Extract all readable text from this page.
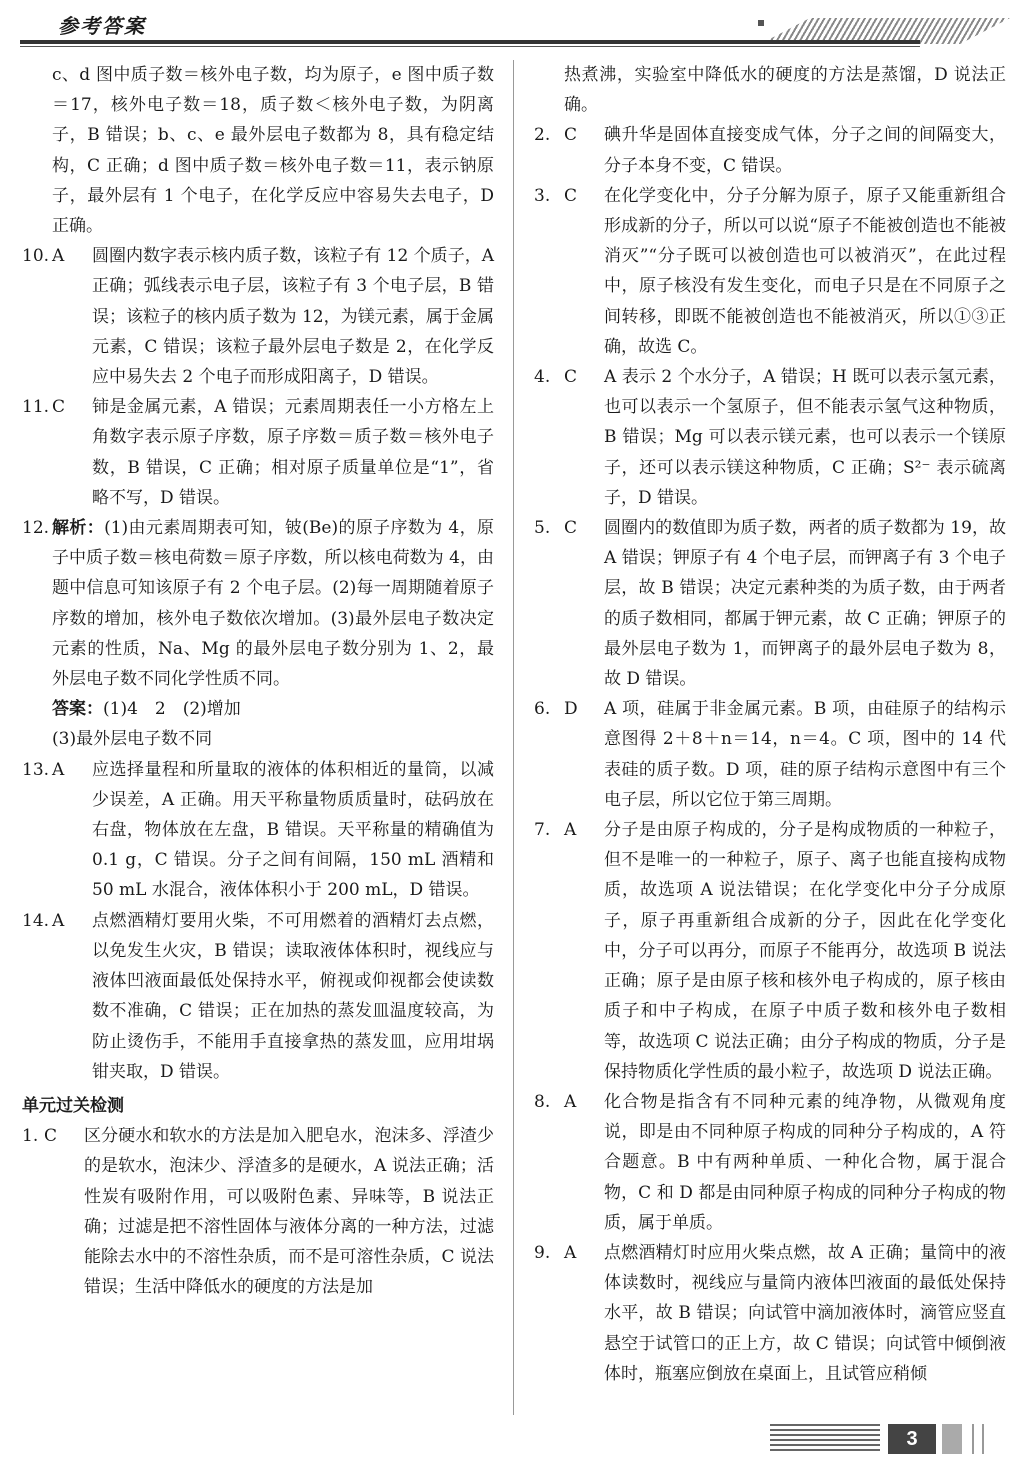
参考答案
c、d 图中质子数＝核外电子数，均为原子，e 图中质子数＝17，核外电子数＝18，质子数＜核外电子数，为阴离子，B 错误；b、c、e 最外层电子数都为 8，具有稳定结构，C 正确；d 图中质子数＝核外电子数＝11，表示钠原子，最外层有 1 个电子，在化学反应中容易失去电子，D 正确。
10. A	圆圈内数字表示核内质子数，该粒子有 12 个质子，A 正确；弧线表示电子层，该粒子有 3 个电子层，B 错误；该粒子的核内质子数为 12，为镁元素，属于金属元素，C 错误；该粒子最外层电子数是 2，在化学反应中易失去 2 个电子而形成阳离子，D 错误。
11. C	铈是金属元素，A 错误；元素周期表任一小方格左上角数字表示原子序数，原子序数＝质子数＝核外电子数，B 错误，C 正确；相对原子质量单位是“1”，省略不写，D 错误。
12. 解析：(1)由元素周期表可知，铍(Be)的原子序数为 4，原子中质子数＝核电荷数＝原子序数，所以核电荷数为 4，由题中信息可知该原子有 2 个电子层。(2)每一周期随着原子序数的增加，核外电子数依次增加。(3)最外层电子数决定元素的性质，Na、Mg 的最外层电子数分别为 1、2，最外层电子数不同化学性质不同。
答案：(1)4　2　(2)增加
(3)最外层电子数不同
13. A	应选择量程和所量取的液体的体积相近的量筒，以减少误差，A 正确。用天平称量物质质量时，砝码放在右盘，物体放在左盘，B 错误。天平称量的精确值为 0.1 g，C 错误。分子之间有间隔，150 mL 酒精和 50 mL 水混合，液体体积小于 200 mL，D 错误。
14. A	点燃酒精灯要用火柴，不可用燃着的酒精灯去点燃，以免发生火灾，B 错误；读取液体体积时，视线应与液体凹液面最低处保持水平，俯视或仰视都会使读数数不准确，C 错误；正在加热的蒸发皿温度较高，为防止烫伤手，不能用手直接拿热的蒸发皿，应用坩埚钳夹取，D 错误。
单元过关检测
1. C	区分硬水和软水的方法是加入肥皂水，泡沫多、浮渣少的是软水，泡沫少、浮渣多的是硬水，A 说法正确；活性炭有吸附作用，可以吸附色素、异味等，B 说法正确；过滤是把不溶性固体与液体分离的一种方法，过滤能除去水中的不溶性杂质，而不是可溶性杂质，C 说法错误；生活中降低水的硬度的方法是加
热煮沸，实验室中降低水的硬度的方法是蒸馏，D 说法正确。
2. C	碘升华是固体直接变成气体，分子之间的间隔变大，分子本身不变，C 错误。
3. C	在化学变化中，分子分解为原子，原子又能重新组合形成新的分子，所以可以说“原子不能被创造也不能被消灭”“分子既可以被创造也可以被消灭”，在此过程中，原子核没有发生变化，而电子只是在不同原子之间转移，即既不能被创造也不能被消灭，所以①③正确，故选 C。
4. C	A 表示 2 个水分子，A 错误；H 既可以表示氢元素，也可以表示一个氢原子，但不能表示氢气这种物质，B 错误；Mg 可以表示镁元素，也可以表示一个镁原子，还可以表示镁这种物质，C 正确；S²⁻ 表示硫离子，D 错误。
5. C	圆圈内的数值即为质子数，两者的质子数都为 19，故 A 错误；钾原子有 4 个电子层，而钾离子有 3 个电子层，故 B 错误；决定元素种类的为质子数，由于两者的质子数相同，都属于钾元素，故 C 正确；钾原子的最外层电子数为 1，而钾离子的最外层电子数为 8，故 D 错误。
6. D	A 项，硅属于非金属元素。B 项，由硅原子的结构示意图得 2＋8＋n＝14，n＝4。C 项，图中的 14 代表硅的质子数。D 项，硅的原子结构示意图中有三个电子层，所以它位于第三周期。
7. A	分子是由原子构成的，分子是构成物质的一种粒子，但不是唯一的一种粒子，原子、离子也能直接构成物质，故选项 A 说法错误；在化学变化中分子分成原子，原子再重新组合成新的分子，因此在化学变化中，分子可以再分，而原子不能再分，故选项 B 说法正确；原子是由原子核和核外电子构成的，原子核由质子和中子构成，在原子中质子数和核外电子数相等，故选项 C 说法正确；由分子构成的物质，分子是保持物质化学性质的最小粒子，故选项 D 说法正确。
8. A	化合物是指含有不同种元素的纯净物，从微观角度说，即是由不同种原子构成的同种分子构成的，A 符合题意。B 中有两种单质、一种化合物，属于混合物，C 和 D 都是由同种原子构成的同种分子构成的物质，属于单质。
9. A	点燃酒精灯时应用火柴点燃，故 A 正确；量筒中的液体读数时，视线应与量筒内液体凹液面的最低处保持水平，故 B 错误；向试管中滴加液体时，滴管应竖直悬空于试管口的正上方，故 C 错误；向试管中倾倒液体时，瓶塞应倒放在桌面上，且试管应稍倾
3
